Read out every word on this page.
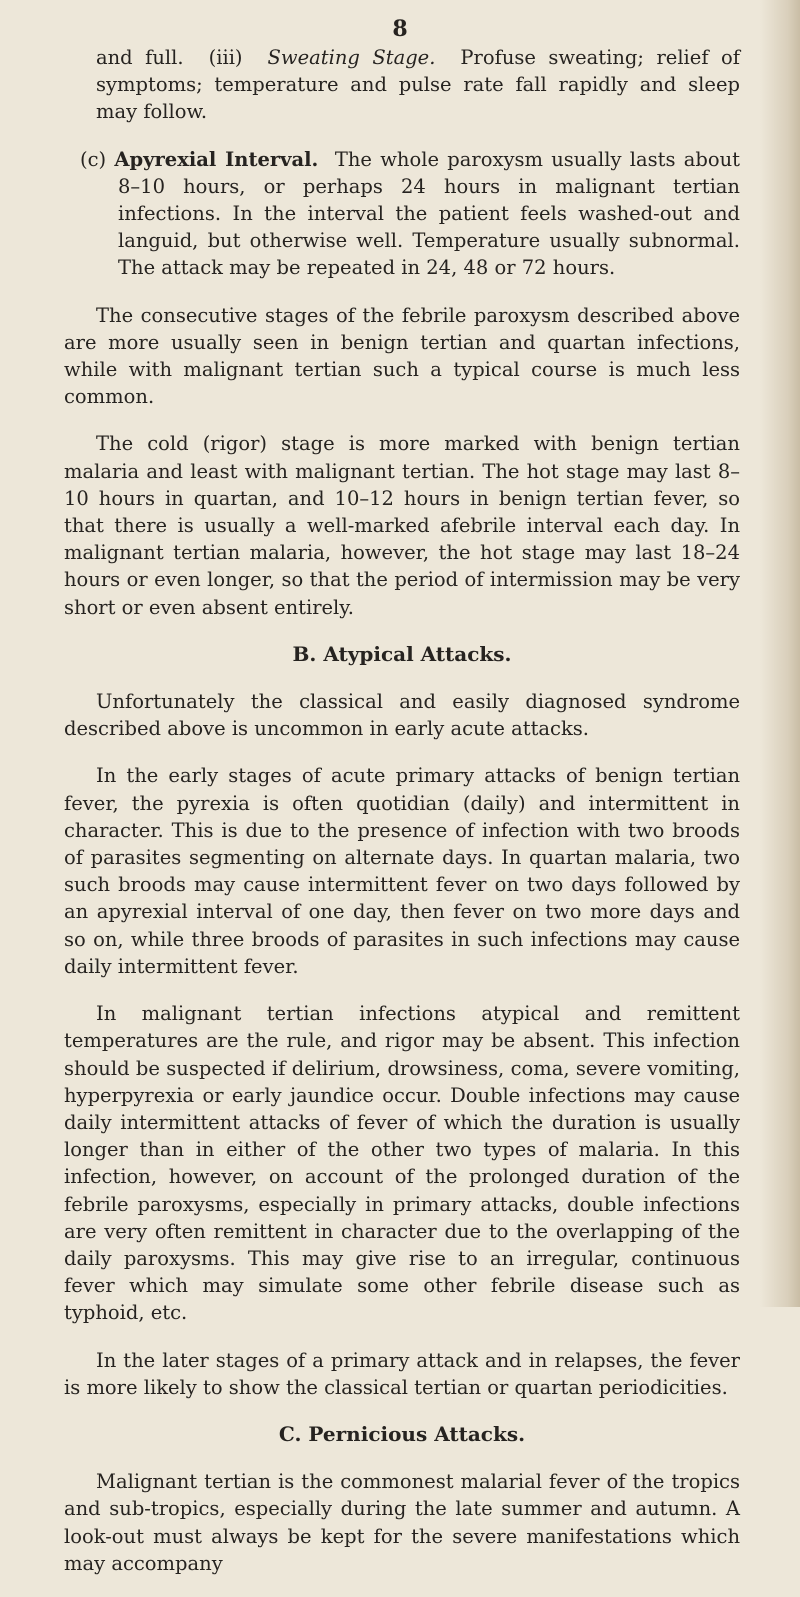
8

and full. (iii) Sweating Stage. Profuse sweating; relief of symptoms; temperature and pulse rate fall rapidly and sleep may follow.

(c) Apyrexial Interval. The whole paroxysm usually lasts about 8–10 hours, or perhaps 24 hours in malignant tertian infections. In the interval the patient feels washed-out and languid, but otherwise well. Temperature usually subnormal. The attack may be repeated in 24, 48 or 72 hours.

The consecutive stages of the febrile paroxysm described above are more usually seen in benign tertian and quartan infections, while with malignant tertian such a typical course is much less common.

The cold (rigor) stage is more marked with benign tertian malaria and least with malignant tertian. The hot stage may last 8–10 hours in quartan, and 10–12 hours in benign tertian fever, so that there is usually a well-marked afebrile interval each day. In malignant tertian malaria, however, the hot stage may last 18–24 hours or even longer, so that the period of intermission may be very short or even absent entirely.

B. Atypical Attacks.

Unfortunately the classical and easily diagnosed syndrome described above is uncommon in early acute attacks.

In the early stages of acute primary attacks of benign tertian fever, the pyrexia is often quotidian (daily) and intermittent in character. This is due to the presence of infection with two broods of parasites segmenting on alternate days. In quartan malaria, two such broods may cause intermittent fever on two days followed by an apyrexial interval of one day, then fever on two more days and so on, while three broods of parasites in such infections may cause daily intermittent fever.

In malignant tertian infections atypical and remittent temperatures are the rule, and rigor may be absent. This infection should be suspected if delirium, drowsiness, coma, severe vomiting, hyperpyrexia or early jaundice occur. Double infections may cause daily intermittent attacks of fever of which the duration is usually longer than in either of the other two types of malaria. In this infection, however, on account of the prolonged duration of the febrile paroxysms, especially in primary attacks, double infections are very often remittent in character due to the overlapping of the daily paroxysms. This may give rise to an irregular, continuous fever which may simulate some other febrile disease such as typhoid, etc.

In the later stages of a primary attack and in relapses, the fever is more likely to show the classical tertian or quartan periodicities.

C. Pernicious Attacks.

Malignant tertian is the commonest malarial fever of the tropics and sub-tropics, especially during the late summer and autumn. A look-out must always be kept for the severe manifestations which may accompany
